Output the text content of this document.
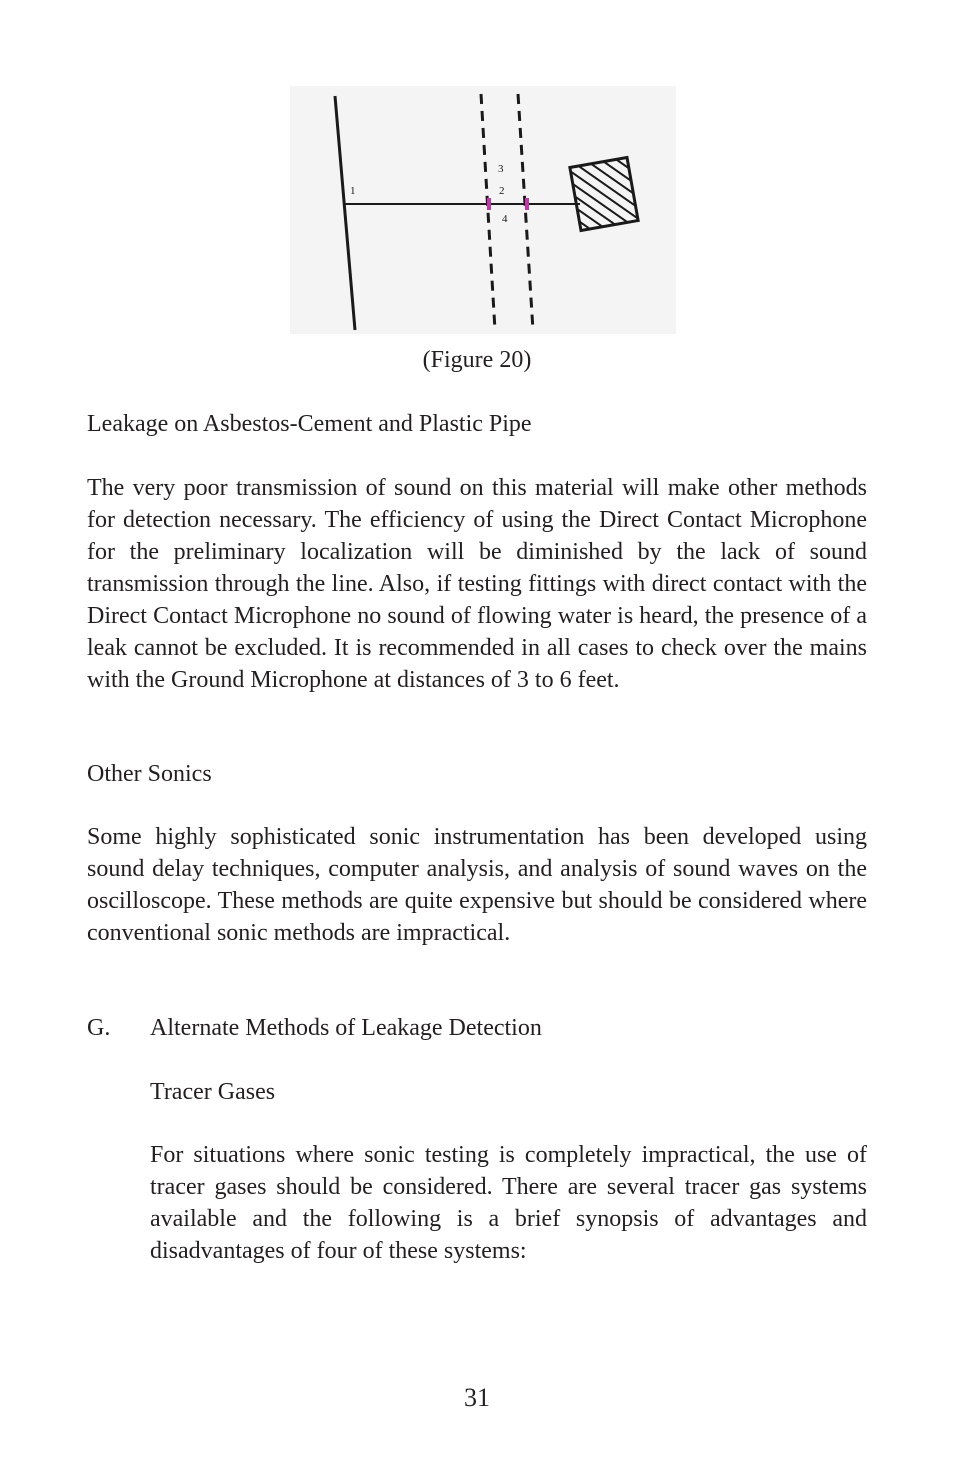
1
3
2
4

(Figure 20)

Leakage on Asbestos-Cement and Plastic Pipe

The very poor transmission of sound on this material will make other methods for detection necessary. The efficiency of using the Direct Contact Microphone for the preliminary localization will be diminished by the lack of sound transmission through the line. Also, if testing fittings with direct contact with the Direct Contact Microphone no sound of flowing water is heard, the presence of a leak cannot be excluded. It is recommended in all cases to check over the mains with the Ground Microphone at distances of 3 to 6 feet.

Other Sonics

Some highly sophisticated sonic instrumentation has been developed using sound delay techniques, computer analysis, and analysis of sound waves on the oscilloscope. These methods are quite expensive but should be considered where conventional sonic methods are impractical.

G. Alternate Methods of Leakage Detection

Tracer Gases

For situations where sonic testing is completely impractical, the use of tracer gases should be considered. There are several tracer gas systems available and the following is a brief synopsis of advantages and disadvantages of four of these systems:

31
